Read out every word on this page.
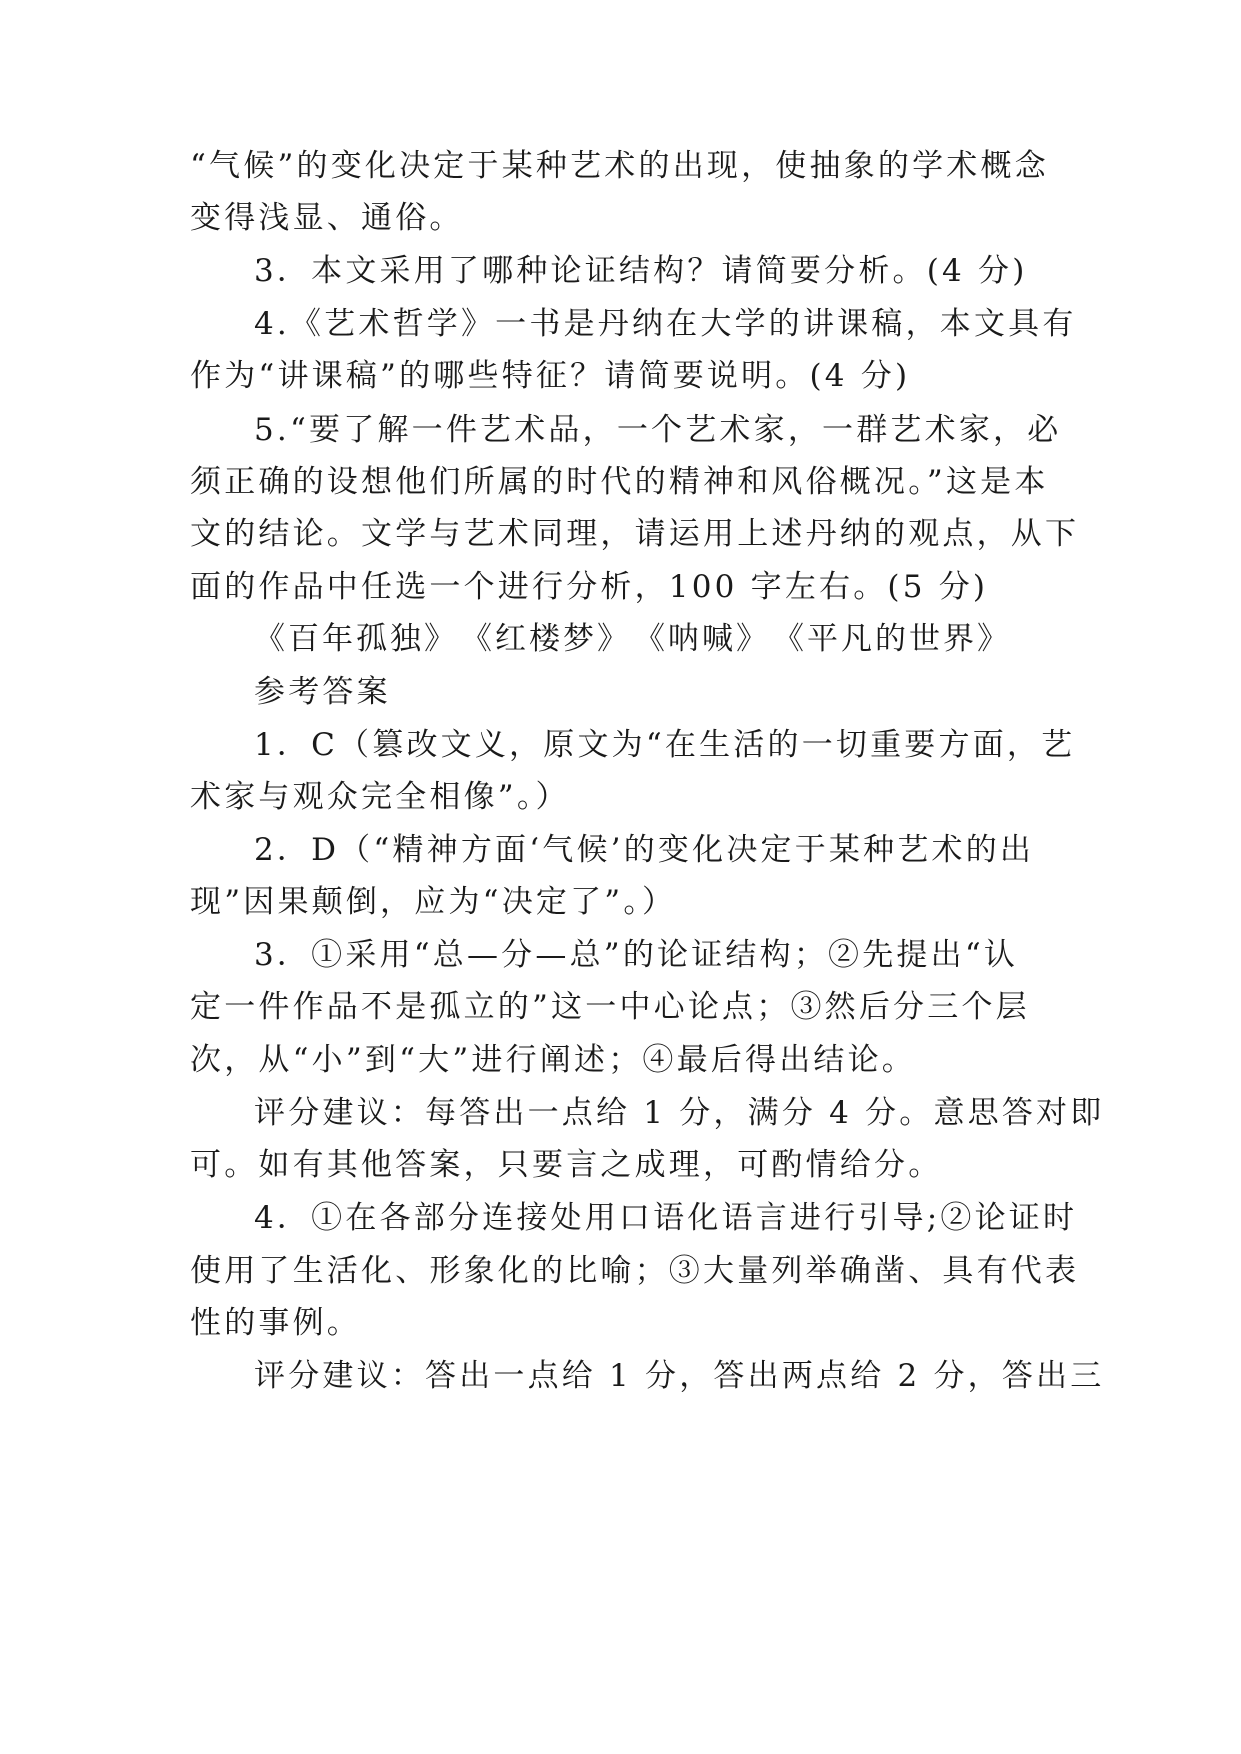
“气候”的变化决定于某种艺术的出现，使抽象的学术概念
变得浅显、通俗。
3．本文采用了哪种论证结构？请简要分析。(4 分)
4.《艺术哲学》一书是丹纳在大学的讲课稿，本文具有
作为“讲课稿”的哪些特征？请简要说明。(4 分)
5.“要了解一件艺术品，一个艺术家，一群艺术家，必
须正确的设想他们所属的时代的精神和风俗概况。”这是本
文的结论。文学与艺术同理，请运用上述丹纳的观点，从下
面的作品中任选一个进行分析，100 字左右。(5 分)
《百年孤独》　《红楼梦》　《呐喊》　《平凡的世界》
参考答案
1．C（篡改文义，原文为“在生活的一切重要方面，艺
术家与观众完全相像”。）
2．D（“精神方面‘气候’的变化决定于某种艺术的出
现”因果颠倒，应为“决定了”。）
3．①采用“总—分—总”的论证结构；②先提出“认
定一件作品不是孤立的”这一中心论点；③然后分三个层
次，从“小”到“大”进行阐述；④最后得出结论。
评分建议：每答出一点给 1 分，满分 4 分。意思答对即
可。如有其他答案，只要言之成理，可酌情给分。
4．①在各部分连接处用口语化语言进行引导;②论证时
使用了生活化、形象化的比喻；③大量列举确凿、具有代表
性的事例。
评分建议：答出一点给 1 分，答出两点给 2 分，答出三
